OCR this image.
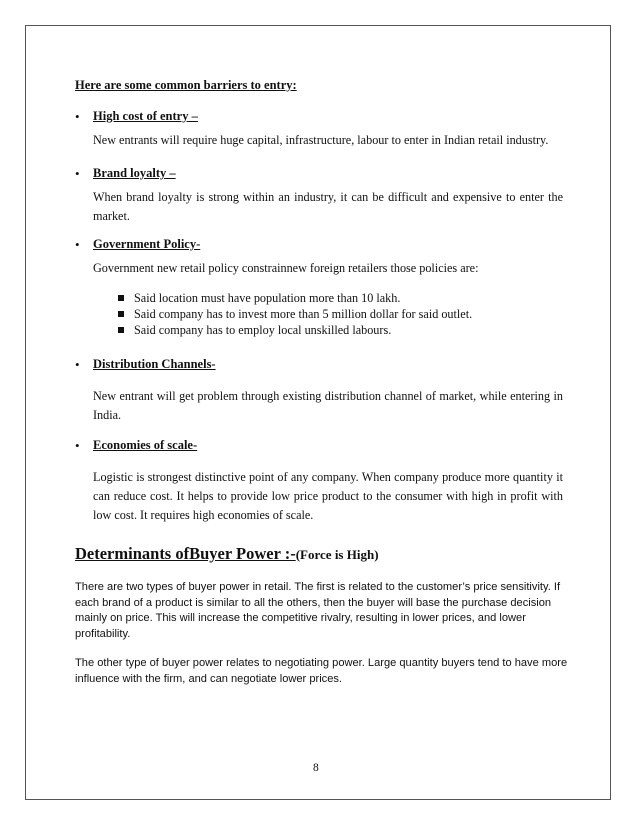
Here are some common barriers to entry:
• High cost of entry –
New entrants will require huge capital, infrastructure, labour to enter in Indian retail industry.
• Brand loyalty –
When brand loyalty is strong within an industry, it can be difficult and expensive to enter the market.
• Government Policy-
Government new retail policy constrainnew foreign retailers those policies are:
Said location must have population more than 10 lakh.
Said company has to invest more than 5 million dollar for said outlet.
Said company has to employ local unskilled labours.
• Distribution Channels-
New entrant will get problem through existing distribution channel of market, while entering in India.
• Economies of scale-
Logistic is strongest distinctive point of any company. When company produce more quantity it can reduce cost. It helps to provide low price product to the consumer with high in profit with low cost. It requires high economies of scale.
Determinants ofBuyer Power :-(Force is High)
There are two types of buyer power in retail. The first is related to the customer’s price sensitivity. If each brand of a product is similar to all the others, then the buyer will base the purchase decision mainly on price. This will increase the competitive rivalry, resulting in lower prices, and lower profitability.
The other type of buyer power relates to negotiating power. Large quantity buyers tend to have more influence with the firm, and can negotiate lower prices.
8
